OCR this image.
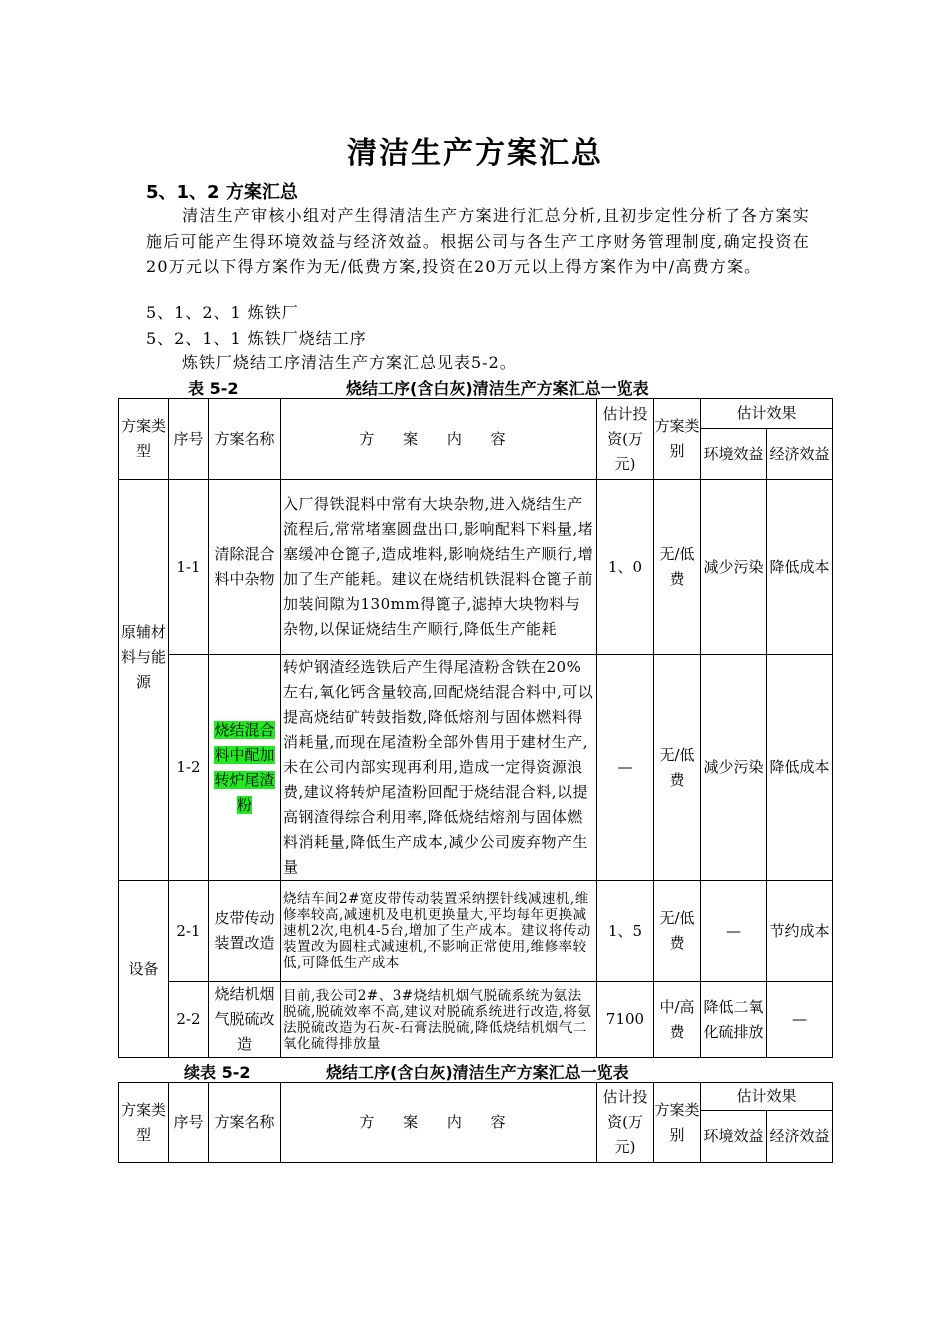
清洁生产方案汇总
5、1、2 方案汇总
清洁生产审核小组对产生得清洁生产方案进行汇总分析,且初步定性分析了各方案实施后可能产生得环境效益与经济效益。根据公司与各生产工序财务管理制度,确定投资在20万元以下得方案作为无/低费方案,投资在20万元以上得方案作为中/高费方案。
5、1、2、1 炼铁厂
5、2、1、1 炼铁厂烧结工序
炼铁厂烧结工序清洁生产方案汇总见表5-2。
表 5-2	烧结工序(含白灰)清洁生产方案汇总一览表
方案类型	序号	方案名称	方 案 内 容	估计投资(万元)	方案类别	估计效果	
						环境效益	经济效益
原辅材料与能源	1-1	清除混合料中杂物	入厂得铁混料中常有大块杂物,进入烧结生产流程后,常常堵塞圆盘出口,影响配料下料量,堵塞缓冲仓篦子,造成堆料,影响烧结生产顺行,增加了生产能耗。建议在烧结机铁混料仓篦子前加装间隙为130mm得篦子,滤掉大块物料与杂物,以保证烧结生产顺行,降低生产能耗	1、0	无/低费	减少污染	降低成本
	1-2	烧结混合料中配加转炉尾渣粉	转炉钢渣经选铁后产生得尾渣粉含铁在20%左右,氧化钙含量较高,回配烧结混合料中,可以提高烧结矿转鼓指数,降低熔剂与固体燃料得消耗量,而现在尾渣粉全部外售用于建材生产,未在公司内部实现再利用,造成一定得资源浪费,建议将转炉尾渣粉回配于烧结混合料,以提高钢渣得综合利用率,降低烧结熔剂与固体燃料消耗量,降低生产成本,减少公司废弃物产生量	—	无/低费	减少污染	降低成本
设备	2-1	皮带传动装置改造	烧结车间2#宽皮带传动装置采纳摆针线减速机,维修率较高,减速机及电机更换量大,平均每年更换减速机2次,电机4-5台,增加了生产成本。建议将传动装置改为圆柱式减速机,不影响正常使用,维修率较低,可降低生产成本	1、5	无/低费	—	节约成本
	2-2	烧结机烟气脱硫改造	目前,我公司2#、3#烧结机烟气脱硫系统为氨法脱硫,脱硫效率不高,建议对脱硫系统进行改造,将氨法脱硫改造为石灰-石膏法脱硫,降低烧结机烟气二氧化硫得排放量	7100	中/高费	降低二氧化硫排放	—
续表 5-2	烧结工序(含白灰)清洁生产方案汇总一览表
方案类型	序号	方案名称	方 案 内 容	估计投资(万元)	方案类别	估计效果	
						环境效益	经济效益
